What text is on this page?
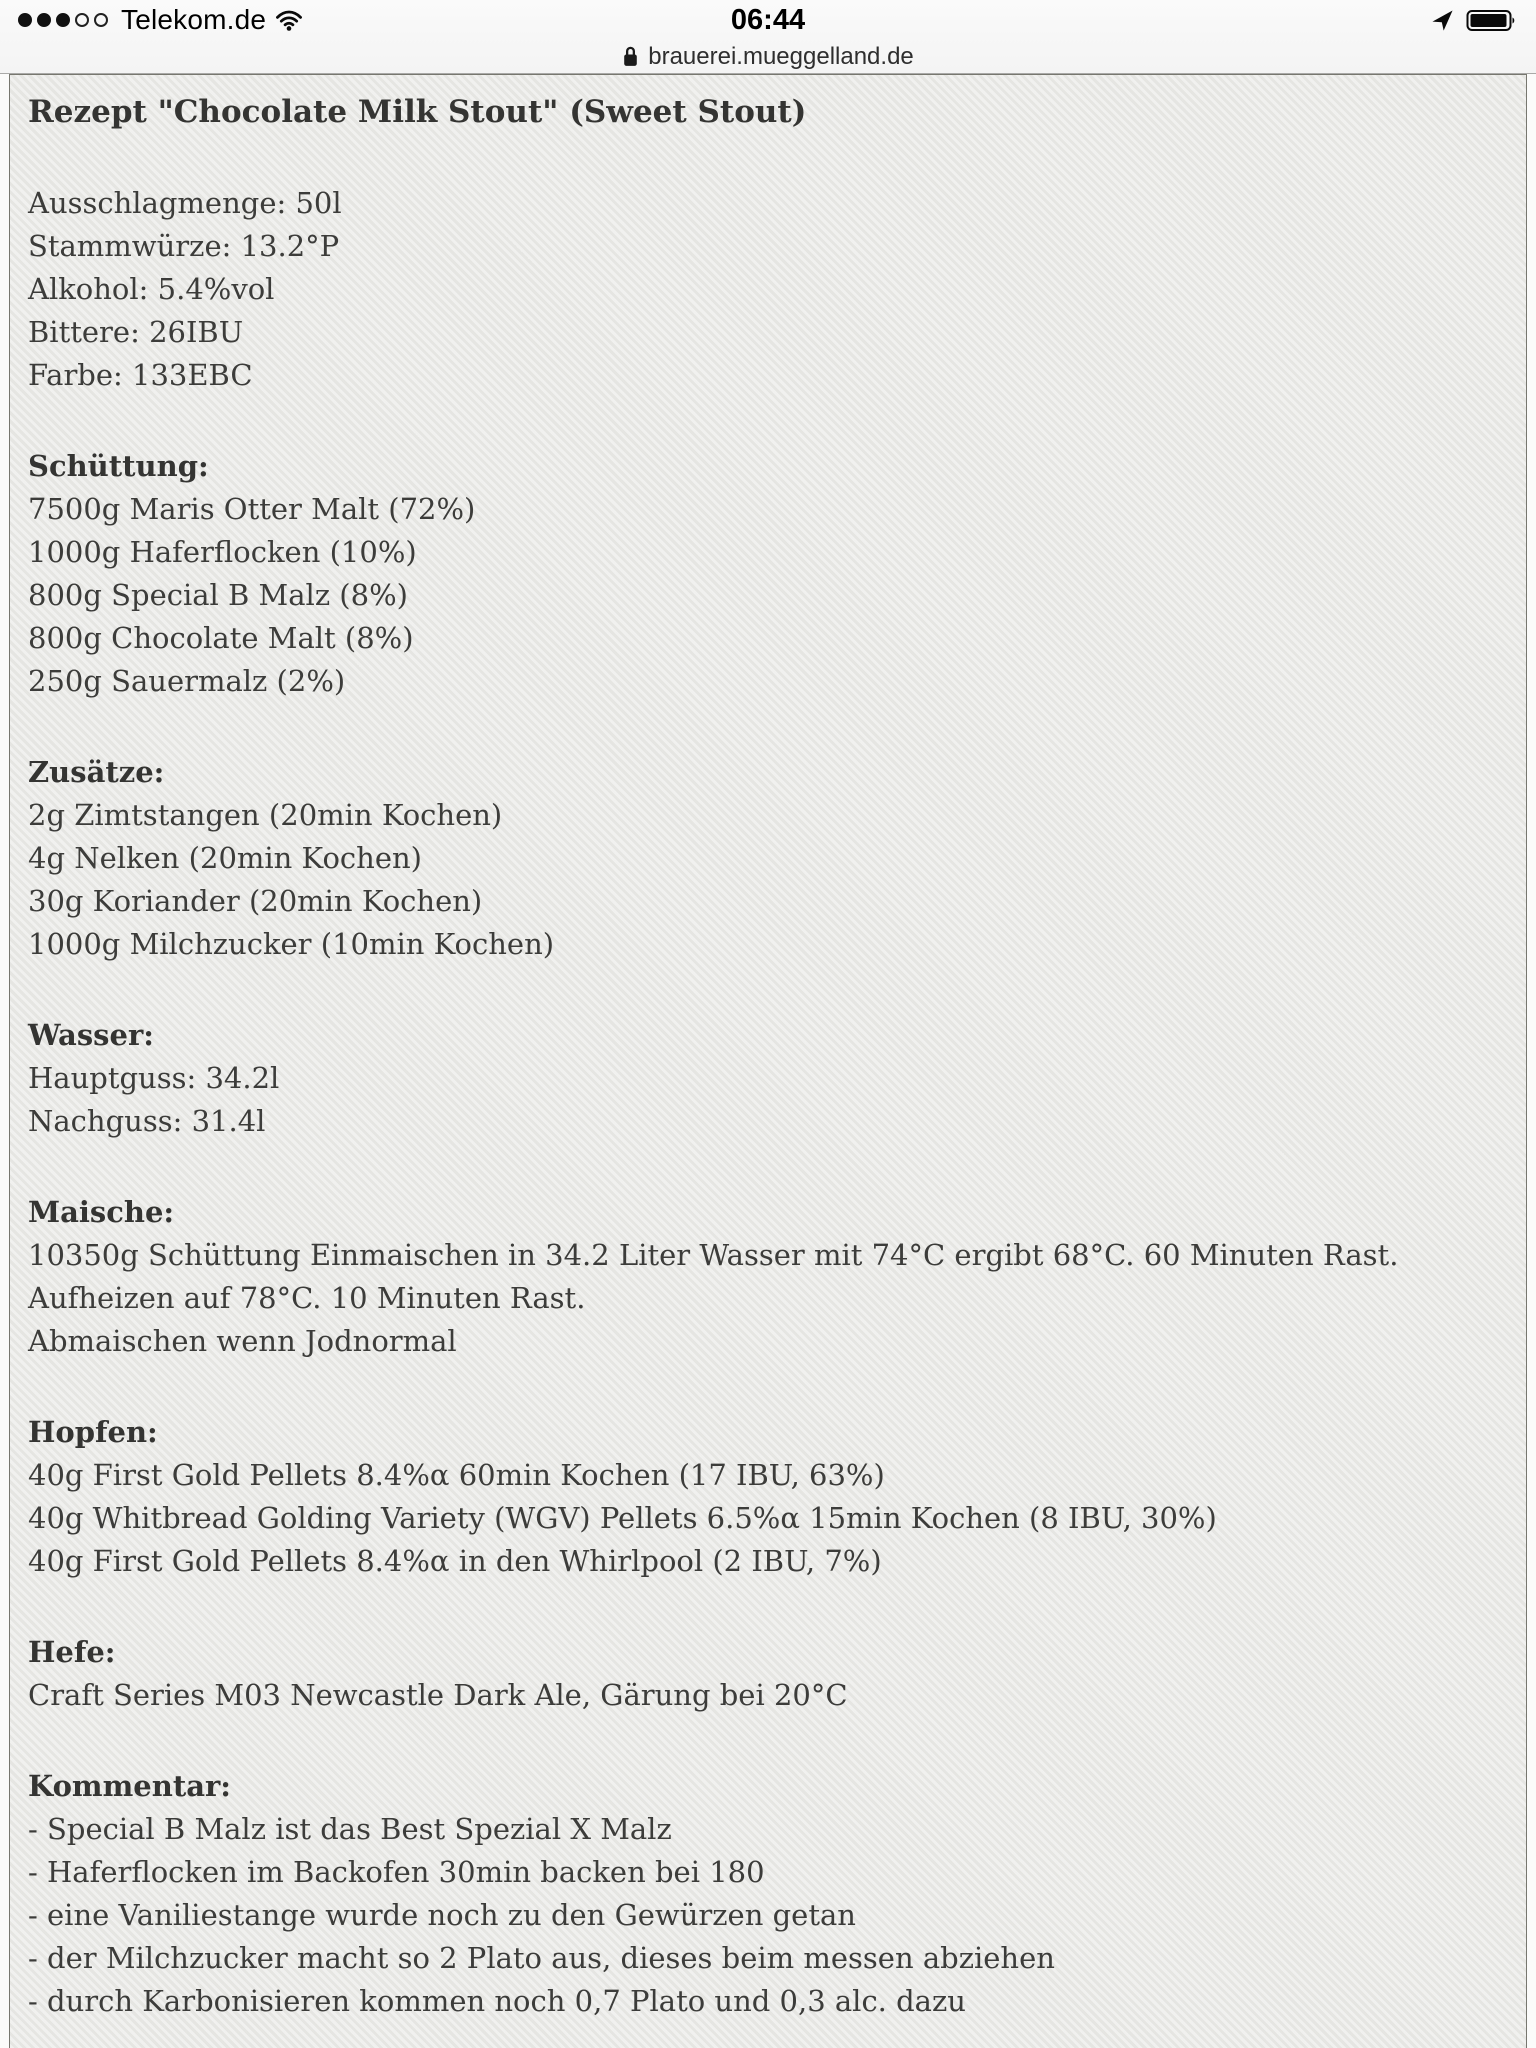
Telekom.de	06:44
brauerei.mueggelland.de
Rezept "Chocolate Milk Stout" (Sweet Stout)
Ausschlagmenge: 50l
Stammwürze: 13.2°P
Alkohol: 5.4%vol
Bittere: 26IBU
Farbe: 133EBC
Schüttung:
7500g Maris Otter Malt (72%)
1000g Haferflocken (10%)
800g Special B Malz (8%)
800g Chocolate Malt (8%)
250g Sauermalz (2%)
Zusätze:
2g Zimtstangen (20min Kochen)
4g Nelken (20min Kochen)
30g Koriander (20min Kochen)
1000g Milchzucker (10min Kochen)
Wasser:
Hauptguss: 34.2l
Nachguss: 31.4l
Maische:
10350g Schüttung Einmaischen in 34.2 Liter Wasser mit 74°C ergibt 68°C. 60 Minuten Rast.
Aufheizen auf 78°C. 10 Minuten Rast.
Abmaischen wenn Jodnormal
Hopfen:
40g First Gold Pellets 8.4%α 60min Kochen (17 IBU, 63%)
40g Whitbread Golding Variety (WGV) Pellets 6.5%α 15min Kochen (8 IBU, 30%)
40g First Gold Pellets 8.4%α in den Whirlpool (2 IBU, 7%)
Hefe:
Craft Series M03 Newcastle Dark Ale, Gärung bei 20°C
Kommentar:
- Special B Malz ist das Best Spezial X Malz
- Haferflocken im Backofen 30min backen bei 180
- eine Vaniliestange wurde noch zu den Gewürzen getan
- der Milchzucker macht so 2 Plato aus, dieses beim messen abziehen
- durch Karbonisieren kommen noch 0,7 Plato und 0,3 alc. dazu
